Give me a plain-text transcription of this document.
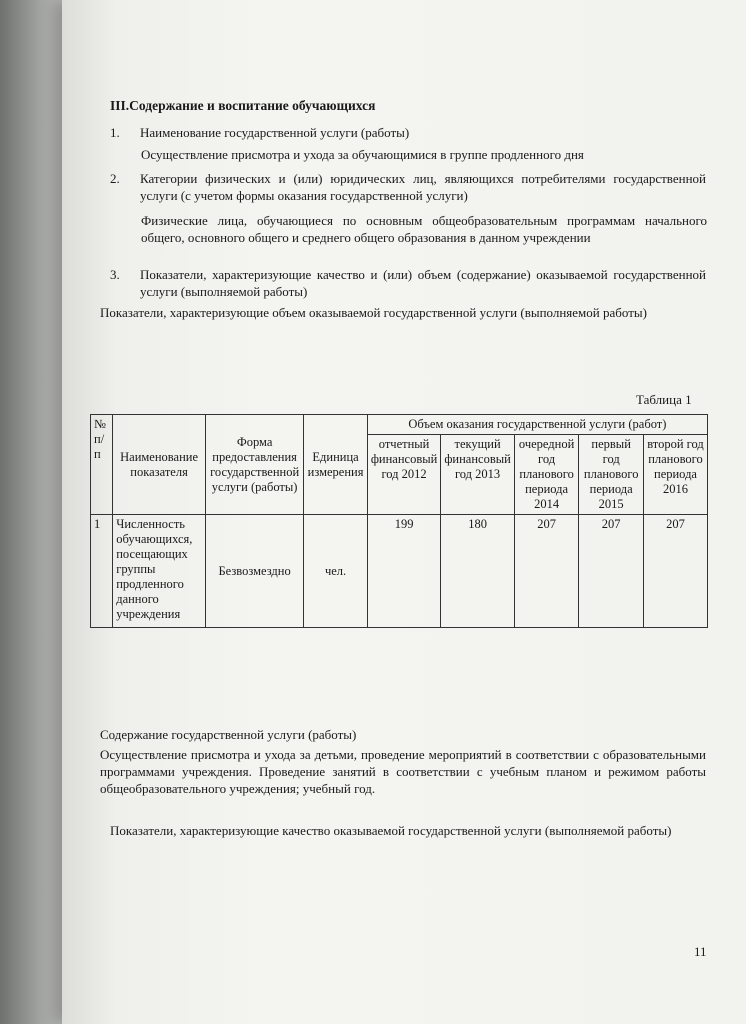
III.Содержание и воспитание обучающихся
1.	Наименование государственной услуги (работы)
Осуществление присмотра и ухода за обучающимися в группе продленного дня
2.	Категории физических и (или) юридических лиц, являющихся потребителями государственной услуги (с учетом формы оказания государственной услуги)
Физические лица, обучающиеся по основным общеобразовательным программам начального общего, основного общего и среднего общего образования в данном учреждении
3.	Показатели, характеризующие качество и (или) объем (содержание) оказываемой государственной услуги (выполняемой работы)
Показатели, характеризующие объем оказываемой государственной услуги (выполняемой работы)
Таблица 1
№ п/п	Наименование показателя	Форма предоставления государственной услуги (работы)	Единица измерения	Объем оказания государственной услуги (работ)				
				отчетный финансовый год 2012	текущий финансовый год 2013	очередной год планового периода 2014	первый год планового периода 2015	второй год планового периода 2016
1	Численность обучающихся, посещающих группы продленного данного учреждения	Безвозмездно	чел.	199	180	207	207	207
Содержание государственной услуги (работы)
Осуществление присмотра и ухода за детьми, проведение мероприятий в соответствии с образовательными программами учреждения. Проведение занятий в соответствии с учебным планом и режимом работы общеобразовательного учреждения; учебный год.
Показатели, характеризующие качество оказываемой государственной услуги (выполняемой работы)
11
